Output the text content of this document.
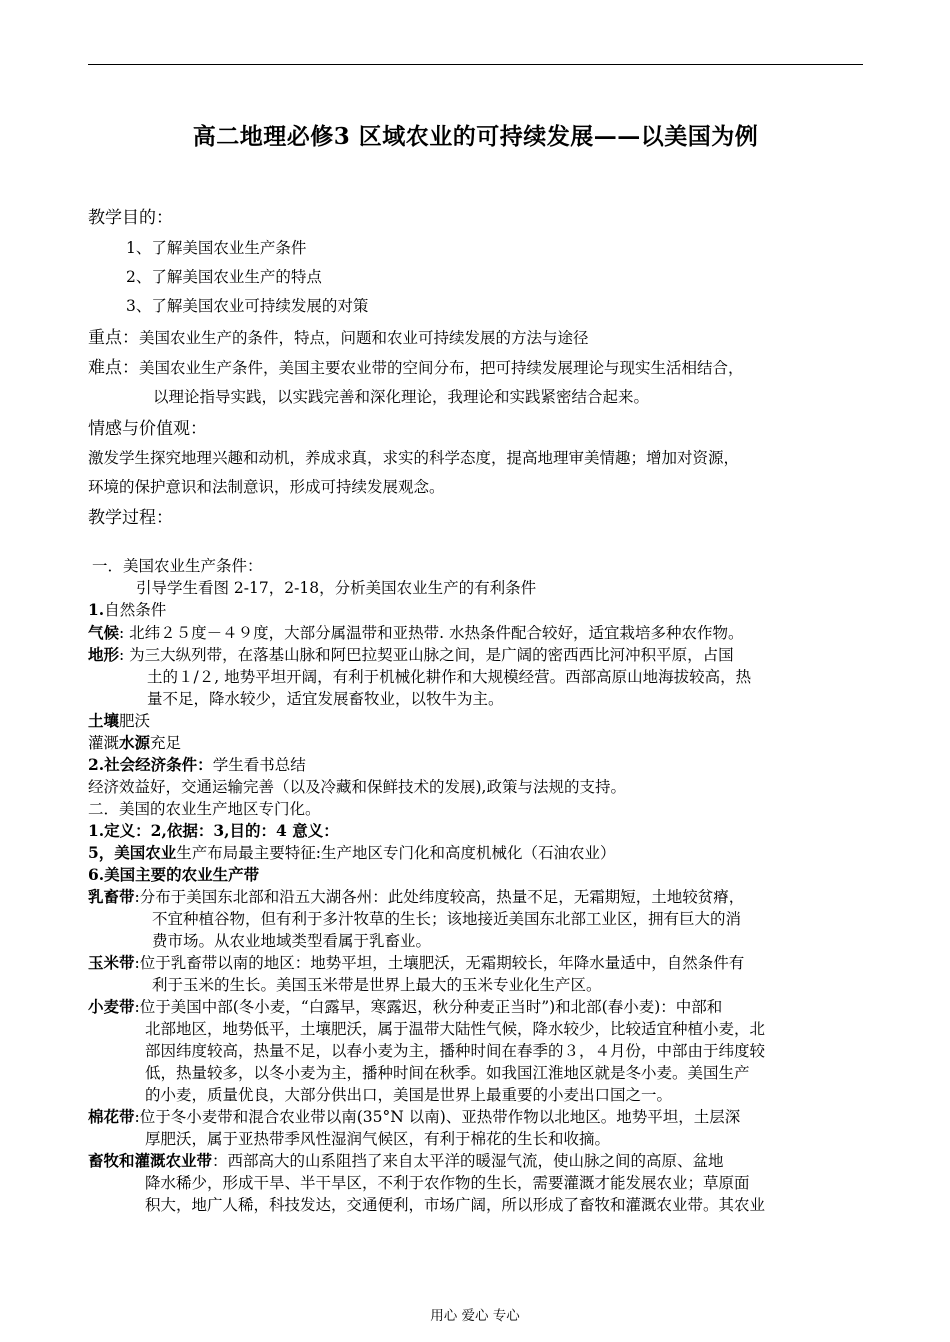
高二地理必修3 区域农业的可持续发展——以美国为例
教学目的：
1、了解美国农业生产条件
2、了解美国农业生产的特点
3、了解美国农业可持续发展的对策
重点：美国农业生产的条件，特点，问题和农业可持续发展的方法与途径
难点：美国农业生产条件，美国主要农业带的空间分布，把可持续发展理论与现实生活相结合，
以理论指导实践，以实践完善和深化理论，我理论和实践紧密结合起来。
情感与价值观：
激发学生探究地理兴趣和动机，养成求真，求实的科学态度，提高地理审美情趣；增加对资源，
环境的保护意识和法制意识，形成可持续发展观念。
教学过程：
一．美国农业生产条件：
引导学生看图 2-17，2-18，分析美国农业生产的有利条件
1.自然条件
气候: 北纬２５度－４９度，大部分属温带和亚热带. 水热条件配合较好，适宜栽培多种农作物。
地形: 为三大纵列带，在落基山脉和阿巴拉契亚山脉之间，是广阔的密西西比河冲积平原，占国
土的１/２, 地势平坦开阔，有利于机械化耕作和大规模经营。西部高原山地海拔较高，热
量不足，降水较少，适宜发展畜牧业，以牧牛为主。
土壤肥沃
灌溉水源充足
2.社会经济条件：学生看书总结
经济效益好，交通运输完善（以及冷藏和保鲜技术的发展),政策与法规的支持。
二．美国的农业生产地区专门化。
1.定义：2,依据：3,目的：4 意义：
5，美国农业生产布局最主要特征:生产地区专门化和高度机械化（石油农业）
6.美国主要的农业生产带
乳畜带:分布于美国东北部和沿五大湖各州：此处纬度较高，热量不足，无霜期短，土地较贫瘠，
不宜种植谷物，但有利于多汁牧草的生长；该地接近美国东北部工业区，拥有巨大的消
费市场。从农业地域类型看属于乳畜业。
玉米带:位于乳畜带以南的地区：地势平坦，土壤肥沃，无霜期较长，年降水量适中，自然条件有
利于玉米的生长。美国玉米带是世界上最大的玉米专业化生产区。
小麦带:位于美国中部(冬小麦，“白露早，寒露迟，秋分种麦正当时”)和北部(春小麦)：中部和
北部地区，地势低平，土壤肥沃，属于温带大陆性气候，降水较少，比较适宜种植小麦，北
部因纬度较高，热量不足，以春小麦为主，播种时间在春季的３，４月份，中部由于纬度较
低，热量较多，以冬小麦为主，播种时间在秋季。如我国江淮地区就是冬小麦。美国生产
的小麦，质量优良，大部分供出口，美国是世界上最重要的小麦出口国之一。
棉花带:位于冬小麦带和混合农业带以南(35°N 以南)、亚热带作物以北地区。地势平坦，土层深
厚肥沃，属于亚热带季风性湿润气候区，有利于棉花的生长和收摘。
畜牧和灌溉农业带：西部高大的山系阻挡了来自太平洋的暖湿气流，使山脉之间的高原、盆地
降水稀少，形成干旱、半干旱区，不利于农作物的生长，需要灌溉才能发展农业；草原面
积大，地广人稀，科技发达，交通便利，市场广阔，所以形成了畜牧和灌溉农业带。其农业
用心 爱心 专心
